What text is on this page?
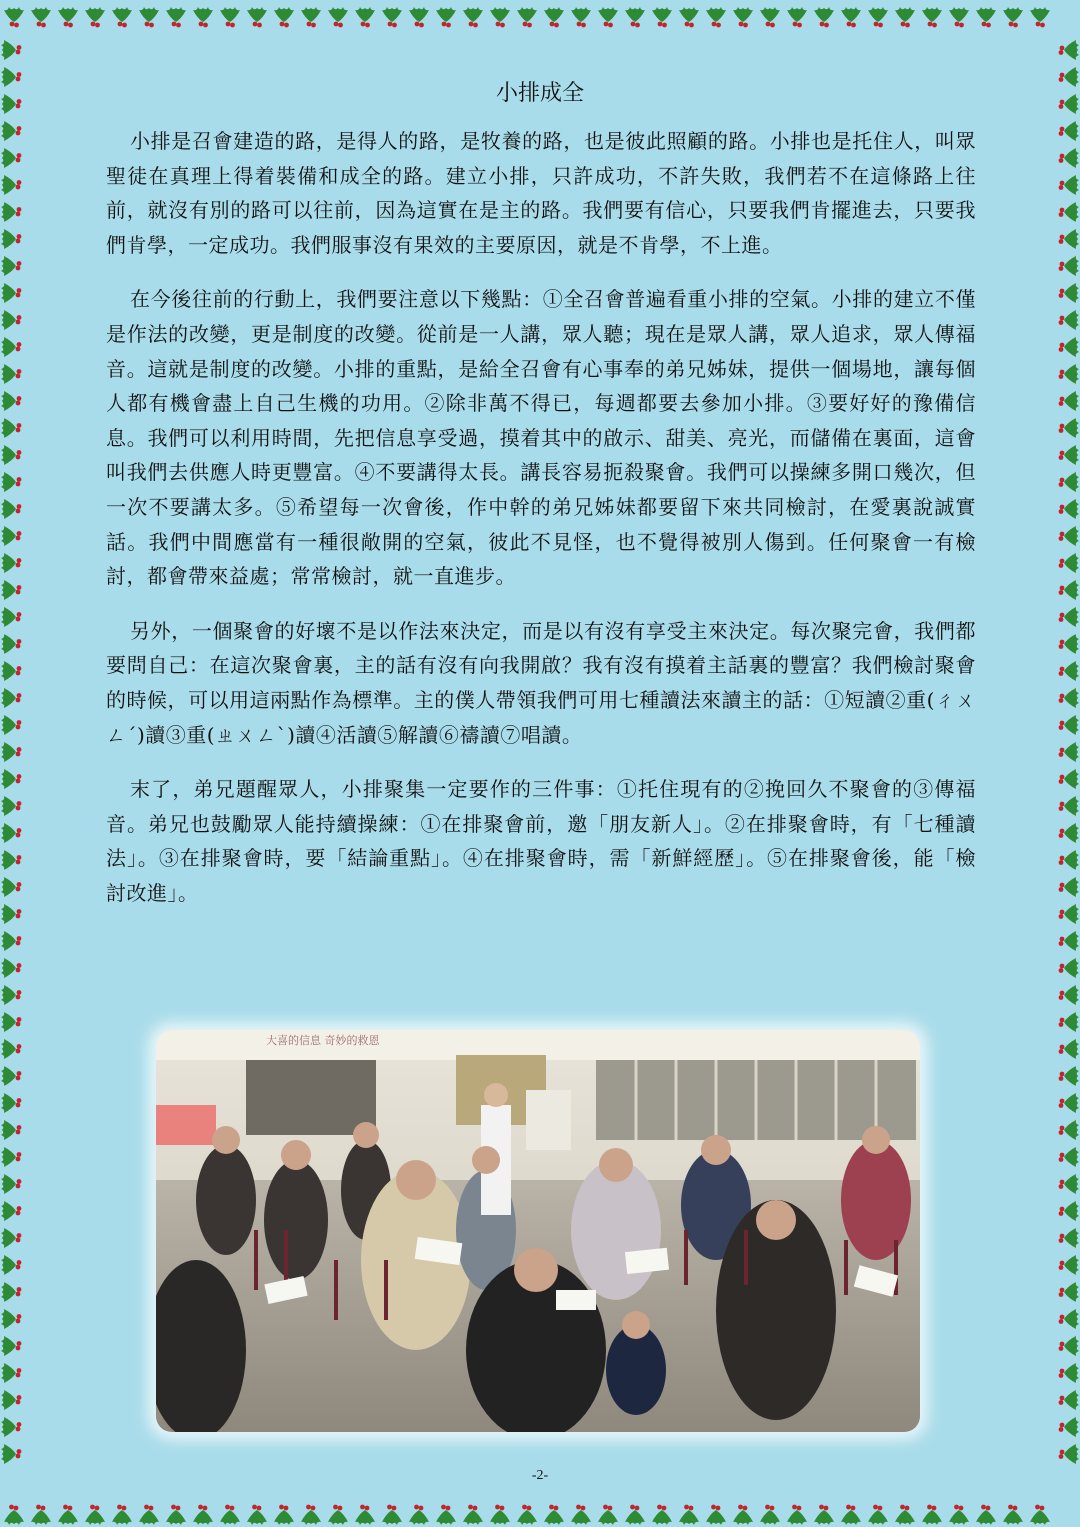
小排成全

小排是召會建造的路，是得人的路，是牧養的路，也是彼此照顧的路。小排也是托住人，叫眾聖徒在真理上得着裝備和成全的路。建立小排，只許成功，不許失敗，我們若不在這條路上往前，就沒有別的路可以往前，因為這實在是主的路。我們要有信心，只要我們肯擺進去，只要我們肯學，一定成功。我們服事沒有果效的主要原因，就是不肯學，不上進。

在今後往前的行動上，我們要注意以下幾點：①全召會普遍看重小排的空氣。小排的建立不僅是作法的改變，更是制度的改變。從前是一人講，眾人聽；現在是眾人講，眾人追求，眾人傳福音。這就是制度的改變。小排的重點，是給全召會有心事奉的弟兄姊妹，提供一個場地，讓每個人都有機會盡上自己生機的功用。②除非萬不得已，每週都要去參加小排。③要好好的豫備信息。我們可以利用時間，先把信息享受過，摸着其中的啟示、甜美、亮光，而儲備在裏面，這會叫我們去供應人時更豐富。④不要講得太長。講長容易扼殺聚會。我們可以操練多開口幾次，但一次不要講太多。⑤希望每一次會後，作中幹的弟兄姊妹都要留下來共同檢討，在愛裏說誠實話。我們中間應當有一種很敞開的空氣，彼此不見怪，也不覺得被別人傷到。任何聚會一有檢討，都會帶來益處；常常檢討，就一直進步。

另外，一個聚會的好壞不是以作法來決定，而是以有沒有享受主來決定。每次聚完會，我們都要問自己：在這次聚會裏，主的話有沒有向我開啟？我有沒有摸着主話裏的豐富？我們檢討聚會的時候，可以用這兩點作為標準。主的僕人帶領我們可用七種讀法來讀主的話：①短讀②重(ㄔㄨㄥˊ)讀③重(ㄓㄨㄥˋ)讀④活讀⑤解讀⑥禱讀⑦唱讀。

末了，弟兄題醒眾人，小排聚集一定要作的三件事：①托住現有的②挽回久不聚會的③傳福音。弟兄也鼓勵眾人能持續操練：①在排聚會前，邀「朋友新人」。②在排聚會時，有「七種讀法」。③在排聚會時，要「結論重點」。④在排聚會時，需「新鮮經歷」。⑤在排聚會後，能「檢討改進」。

大喜的信息 奇妙的救恩
-2-
